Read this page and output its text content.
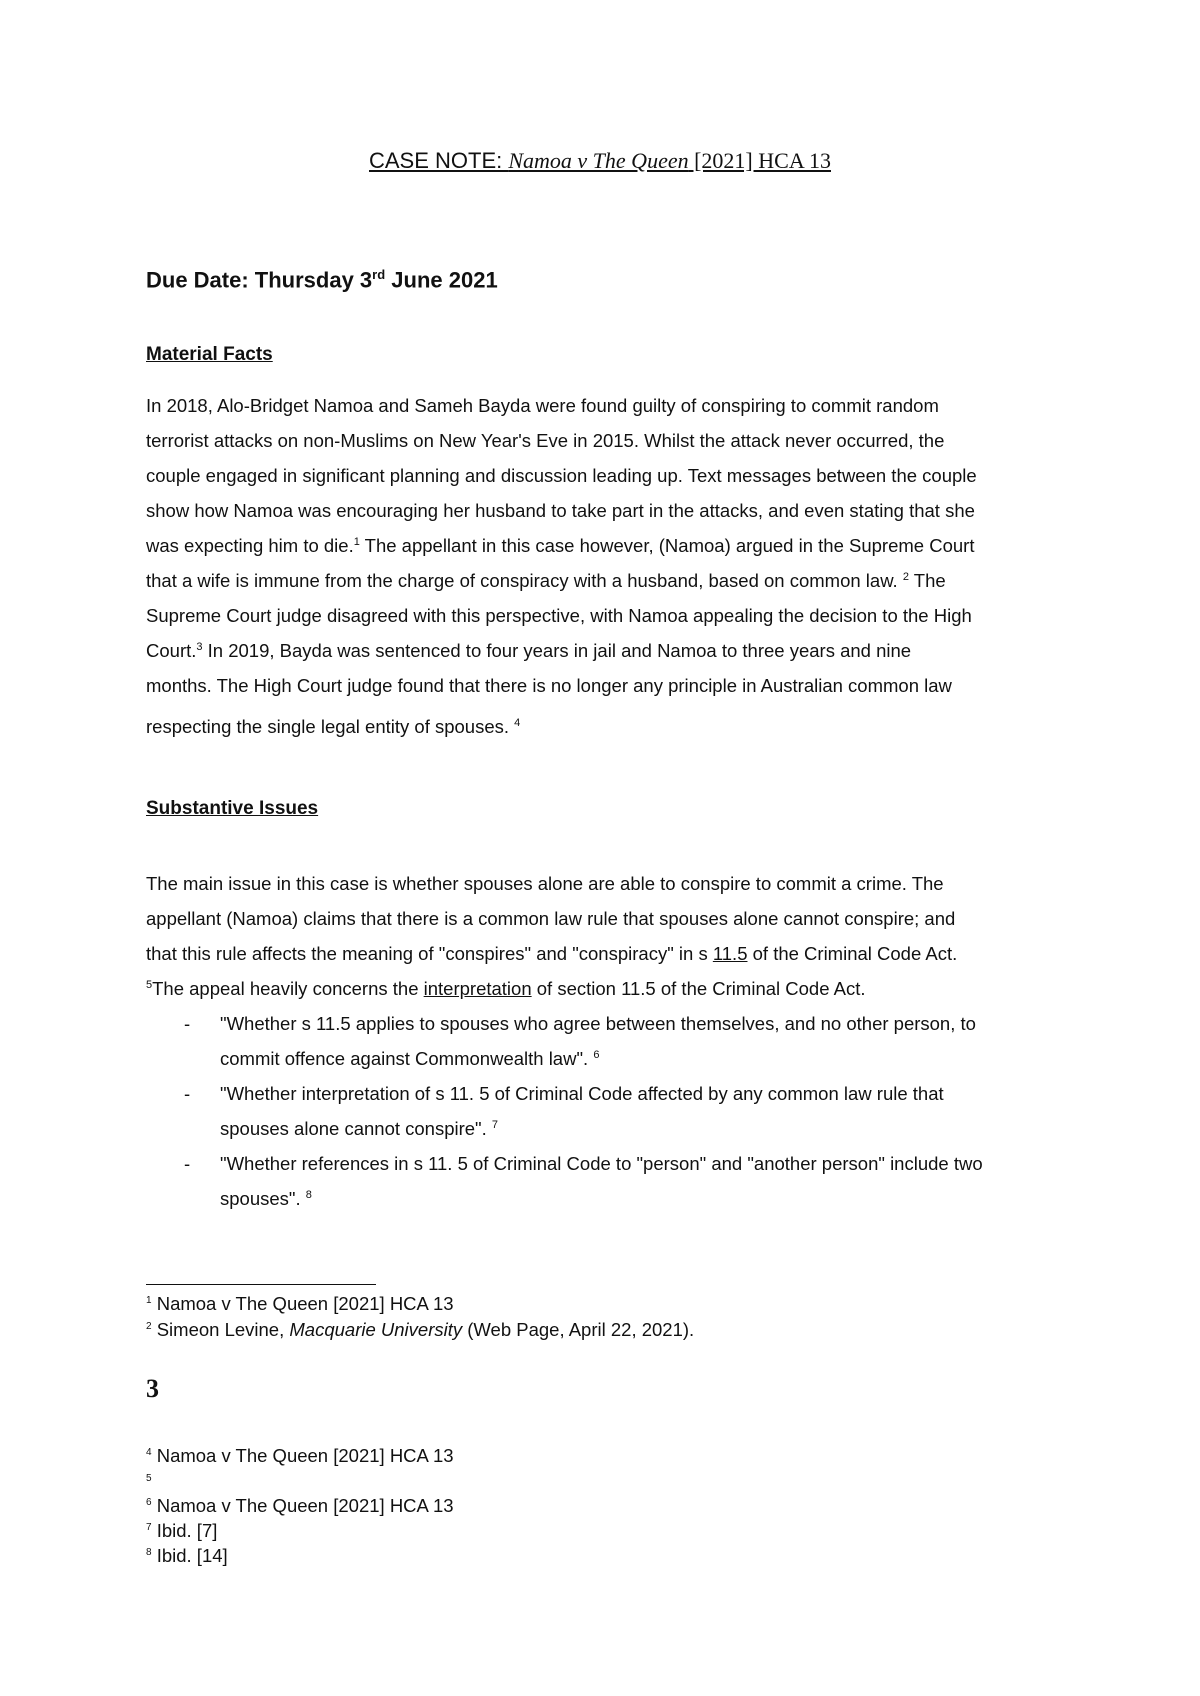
CASE NOTE: Namoa v The Queen [2021] HCA 13
Due Date: Thursday 3rd June 2021
Material Facts
In 2018, Alo-Bridget Namoa and Sameh Bayda were found guilty of conspiring to commit random
terrorist attacks on non-Muslims on New Year's Eve in 2015. Whilst the attack never occurred, the
couple engaged in significant planning and discussion leading up. Text messages between the couple
show how Namoa was encouraging her husband to take part in the attacks, and even stating that she
was expecting him to die.$^1$ The appellant in this case however, (Namoa) argued in the Supreme Court
that a wife is immune from the charge of conspiracy with a husband, based on common law. $^2$ The
Supreme Court judge disagreed with this perspective, with Namoa appealing the decision to the High
Court.$^3$ In 2019, Bayda was sentenced to four years in jail and Namoa to three years and nine
months. The High Court judge found that there is no longer any principle in Australian common law
respecting the single legal entity of spouses. $^4$
Substantive Issues
The main issue in this case is whether spouses alone are able to conspire to commit a crime. The
appellant (Namoa) claims that there is a common law rule that spouses alone cannot conspire; and
that this rule affects the meaning of "conspires" and "conspiracy" in s 11.5 of the Criminal Code Act.
$^5$The appeal heavily concerns the interpretation of section 11.5 of the Criminal Code Act.
- "Whether s 11.5 applies to spouses who agree between themselves, and no other person, to
commit offence against Commonwealth law". $^6$
- "Whether interpretation of s 11. 5 of Criminal Code affected by any common law rule that
spouses alone cannot conspire". $^7$
- "Whether references in s 11. 5 of Criminal Code to "person" and "another person" include two
spouses". $^8$
$^1$ Namoa v The Queen [2021] HCA 13
$^2$ Simeon Levine, Macquarie University (Web Page, April 22, 2021).
3
$^4$ Namoa v The Queen [2021] HCA 13
$^5$
$^6$ Namoa v The Queen [2021] HCA 13
$^7$ Ibid. [7]
$^8$ Ibid. [14]
